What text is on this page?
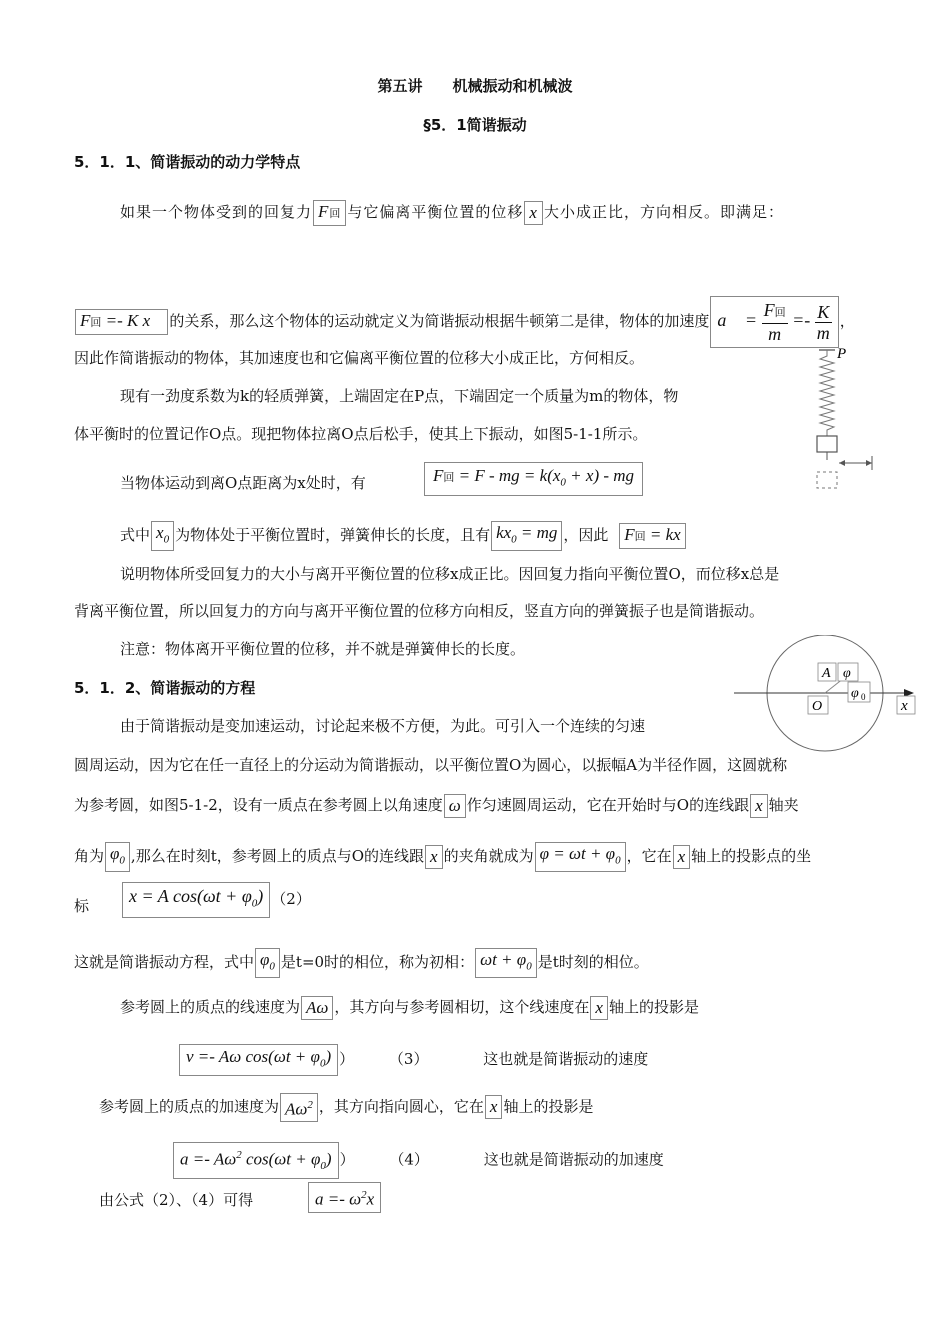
第五讲　　机械振动和机械波
§5．1简谐振动
5．1．1、简谐振动的动力学特点
如果一个物体受到的回复力 F回 与它偏离平衡位置的位移 x 大小成正比，方向相反。即满足：
F回 =- K x⃗ 的关系，那么这个物体的运动就定义为简谐振动根据牛顿第二是律，物体的加速度 a⃗ = $\frac{\text{F回}}{m} =- \frac{K}{m}$ ，
因此作简谐振动的物体，其加速度也和它偏离平衡位置的位移大小成正比，方何相反。
现有一劲度系数为k的轻质弹簧，上端固定在P点，下端固定一个质量为m的物体，物
体平衡时的位置记作O点。现把物体拉离O点后松手，使其上下振动，如图5-1-1所示。
当物体运动到离O点距离为x处时，有	F回 = F - mg = $k(x_0 + x)$ - mg
式中 $x_0$ 为物体处于平衡位置时，弹簧伸长的长度，且有 $kx_0$ = mg ，因此 F回 = kx
说明物体所受回复力的大小与离开平衡位置的位移x成正比。因回复力指向平衡位置O，而位移x总是
背离平衡位置，所以回复力的方向与离开平衡位置的位移方向相反，竖直方向的弹簧振子也是简谐振动。
注意：物体离开平衡位置的位移，并不就是弹簧伸长的长度。
5．1．2、简谐振动的方程
由于简谐振动是变加速运动，讨论起来极不方便，为此。可引入一个连续的匀速
圆周运动，因为它在任一直径上的分运动为简谐振动，以平衡位置O为圆心，以振幅A为半径作圆，这圆就称
为参考圆，如图5-1-2，设有一质点在参考圆上以角速度 ω 作匀速圆周运动，它在开始时与O的连线跟 x 轴夹
角为 $\varphi_0$ ,那么在时刻t，参考圆上的质点与O的连线跟 x 的夹角就成为 $\varphi = \omega t + \varphi_0$ ，它在 x 轴上的投影点的坐
标	x = A $\cos(\omega t + \varphi_0)$ （2）
这就是简谐振动方程，式中 $\varphi_0$ 是t=0时的相位，称为初相： $\omega t + \varphi_0$ 是t时刻的相位。
参考圆上的质点的线速度为 Aω ，其方向与参考圆相切，这个线速度在 x 轴上的投影是
v =- Aω $\cos(\omega t + \varphi_0)$ ） （3）	这也就是简谐振动的速度
参考圆上的质点的加速度为 $A\omega^2$ ，其方向指向圆心，它在 x 轴上的投影是
$a =- A\omega^2$ $\cos(\omega t + \varphi_0)$ ） （4）	这也就是简谐振动的加速度
由公式（2）、（4）可得	$a =- \omega^2x$
P
A φ
φ 0
O	x
